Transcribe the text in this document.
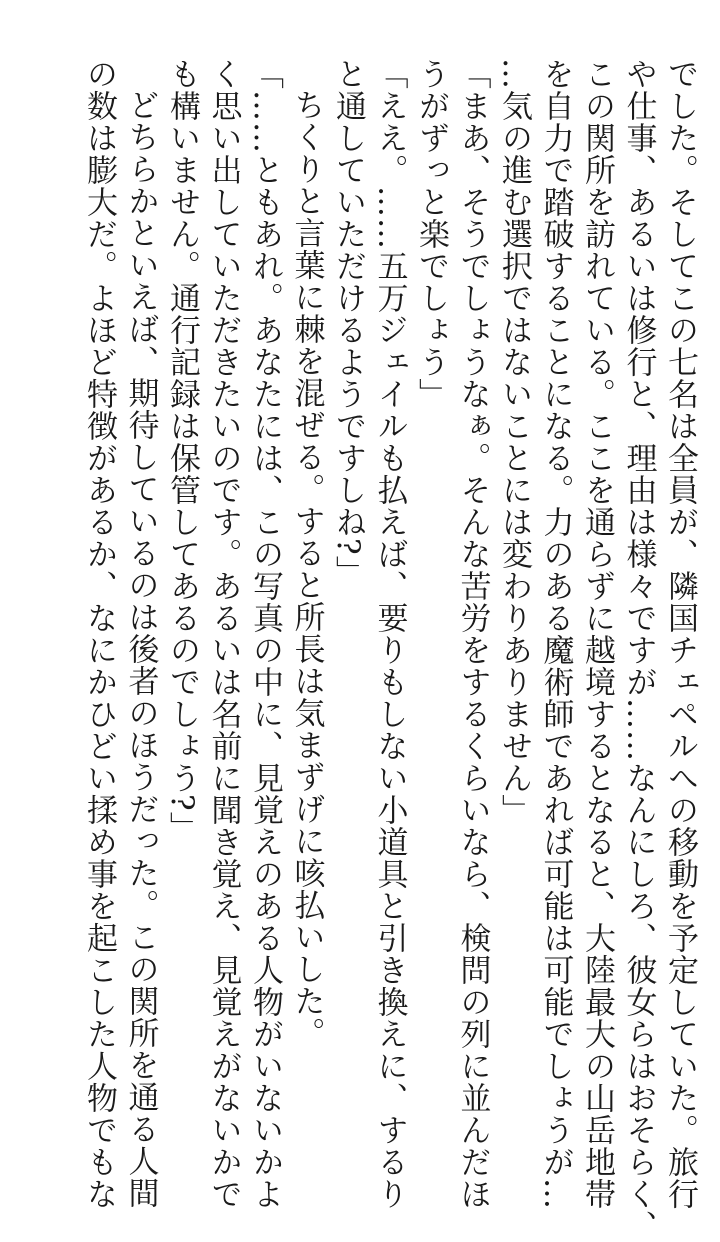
でした。そしてこの七名は全員が、隣国チェペルへの移動を予定していた。旅行
や仕事、あるいは修行と、理由は様々ですが……なんにしろ、彼女らはおそらく、
この関所を訪れている。ここを通らずに越境するとなると、大陸最大の山岳地帯
を自力で踏破することになる。力のある魔術師であれば可能は可能でしょうが…
…気の進む選択ではないことには変わりありません」
「まあ、そうでしょうなぁ。そんな苦労をするくらいなら、検問の列に並んだほ
うがずっと楽でしょう」
「ええ。……五万ジェイルも払えば、要りもしない小道具と引き換えに、するり
と通していただけるようですしね?」
ちくりと言葉に棘を混ぜる。すると所長は気まずげに咳払いした。
「……ともあれ。あなたには、この写真の中に、見覚えのある人物がいないかよ
く思い出していただきたいのです。あるいは名前に聞き覚え、見覚えがないかで
も構いません。通行記録は保管してあるのでしょう?」
どちらかといえば、期待しているのは後者のほうだった。この関所を通る人間
の数は膨大だ。よほど特徴があるか、なにかひどい揉め事を起こした人物でもな
